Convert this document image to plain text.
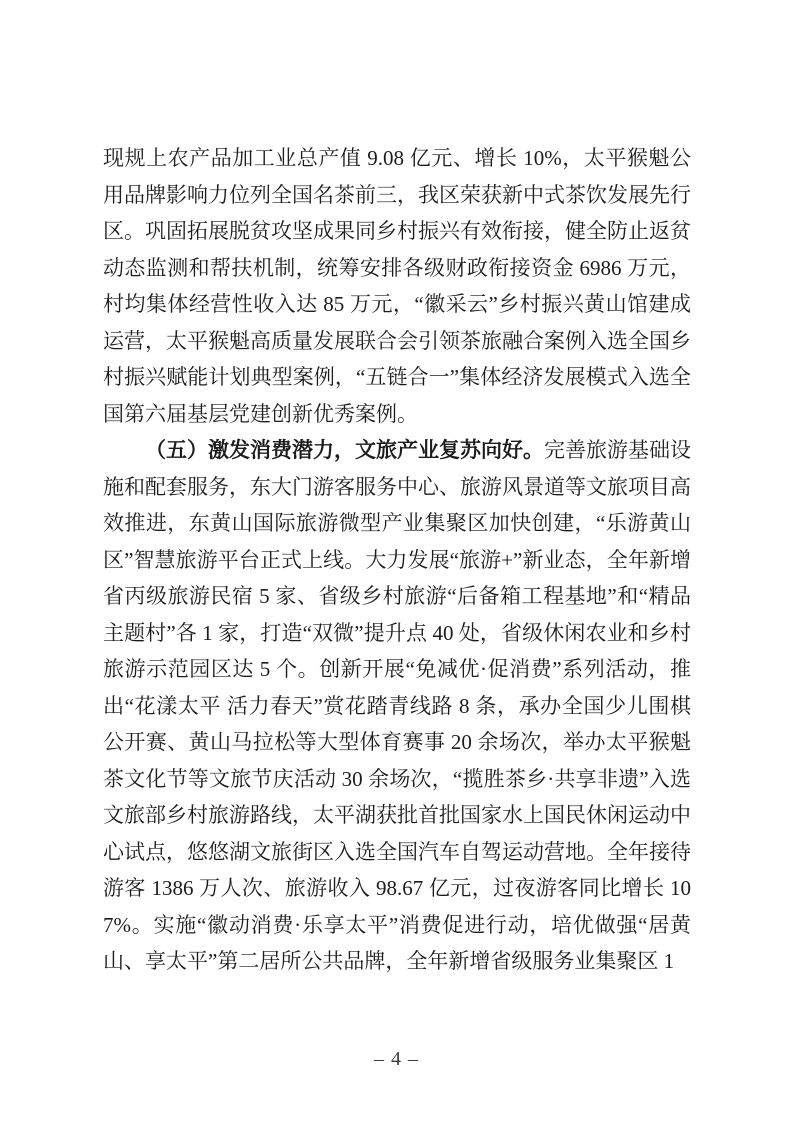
现规上农产品加工业总产值 9.08 亿元、增长 10%，太平猴魁公用品牌影响力位列全国名茶前三，我区荣获新中式茶饮发展先行区。巩固拓展脱贫攻坚成果同乡村振兴有效衔接，健全防止返贫动态监测和帮扶机制，统筹安排各级财政衔接资金 6986 万元，村均集体经营性收入达 85 万元，“徽采云”乡村振兴黄山馆建成运营，太平猴魁高质量发展联合会引领茶旅融合案例入选全国乡村振兴赋能计划典型案例，“五链合一”集体经济发展模式入选全国第六届基层党建创新优秀案例。

（五）激发消费潜力，文旅产业复苏向好。完善旅游基础设施和配套服务，东大门游客服务中心、旅游风景道等文旅项目高效推进，东黄山国际旅游微型产业集聚区加快创建，“乐游黄山区”智慧旅游平台正式上线。大力发展“旅游+”新业态，全年新增省丙级旅游民宿 5 家、省级乡村旅游“后备箱工程基地”和“精品主题村”各 1 家，打造“双微”提升点 40 处，省级休闲农业和乡村旅游示范园区达 5 个。创新开展“免减优·促消费”系列活动，推出“花漾太平 活力春天”赏花踏青线路 8 条，承办全国少儿围棋公开赛、黄山马拉松等大型体育赛事 20 余场次，举办太平猴魁茶文化节等文旅节庆活动 30 余场次，“揽胜茶乡·共享非遗”入选文旅部乡村旅游路线，太平湖获批首批国家水上国民休闲运动中心试点，悠悠湖文旅街区入选全国汽车自驾运动营地。全年接待游客 1386 万人次、旅游收入 98.67 亿元，过夜游客同比增长 107%。实施“徽动消费·乐享太平”消费促进行动，培优做强“居黄山、享太平”第二居所公共品牌，全年新增省级服务业集聚区 1

– 4 –
